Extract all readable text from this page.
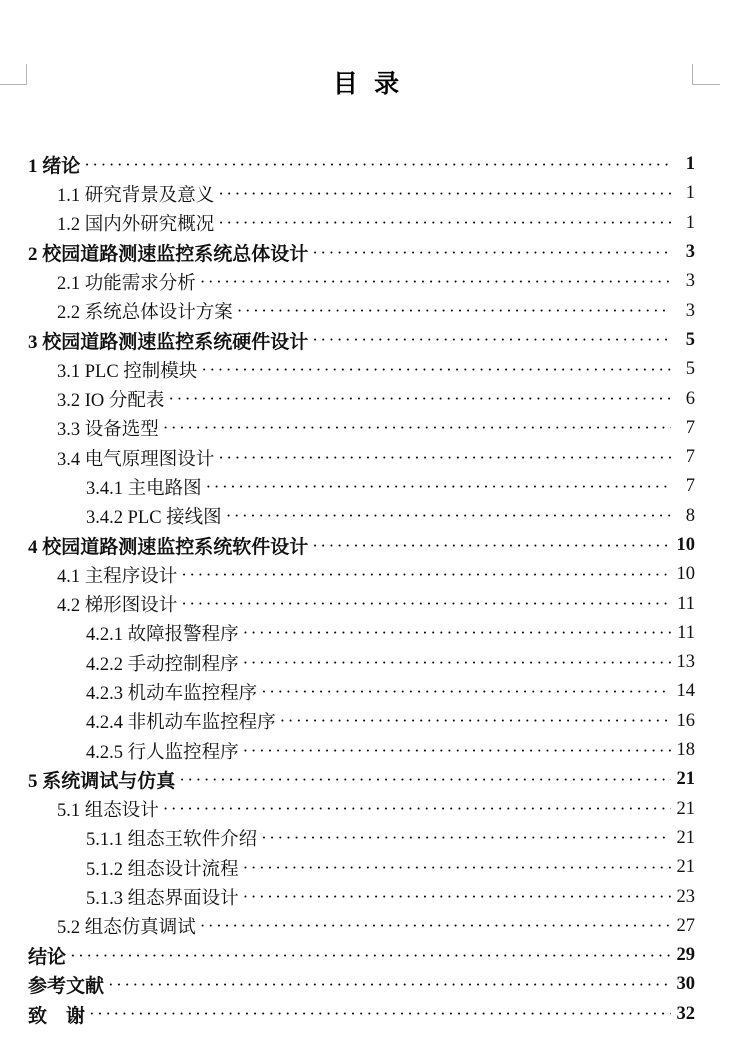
目 录
1 绪论 ·····	1
1.1 研究背景及意义 ·····	1
1.2 国内外研究概况 ·····	1
2 校园道路测速监控系统总体设计 ·····	3
2.1 功能需求分析 ·····	3
2.2 系统总体设计方案 ·····	3
3 校园道路测速监控系统硬件设计 ·····	5
3.1 PLC 控制模块 ·····	5
3.2 IO 分配表 ·····	6
3.3 设备选型 ·····	7
3.4 电气原理图设计 ·····	7
3.4.1 主电路图 ·····	7
3.4.2 PLC 接线图 ·····	8
4 校园道路测速监控系统软件设计 ·····	10
4.1 主程序设计 ·····	10
4.2 梯形图设计 ·····	11
4.2.1 故障报警程序 ·····	11
4.2.2 手动控制程序 ·····	13
4.2.3 机动车监控程序 ·····	14
4.2.4 非机动车监控程序 ·····	16
4.2.5 行人监控程序 ·····	18
5 系统调试与仿真 ·····	21
5.1 组态设计 ·····	21
5.1.1 组态王软件介绍 ·····	21
5.1.2 组态设计流程 ·····	21
5.1.3 组态界面设计 ·····	23
5.2 组态仿真调试 ·····	27
结论 ·····	29
参考文献 ·····	30
致　谢 ·····	32
